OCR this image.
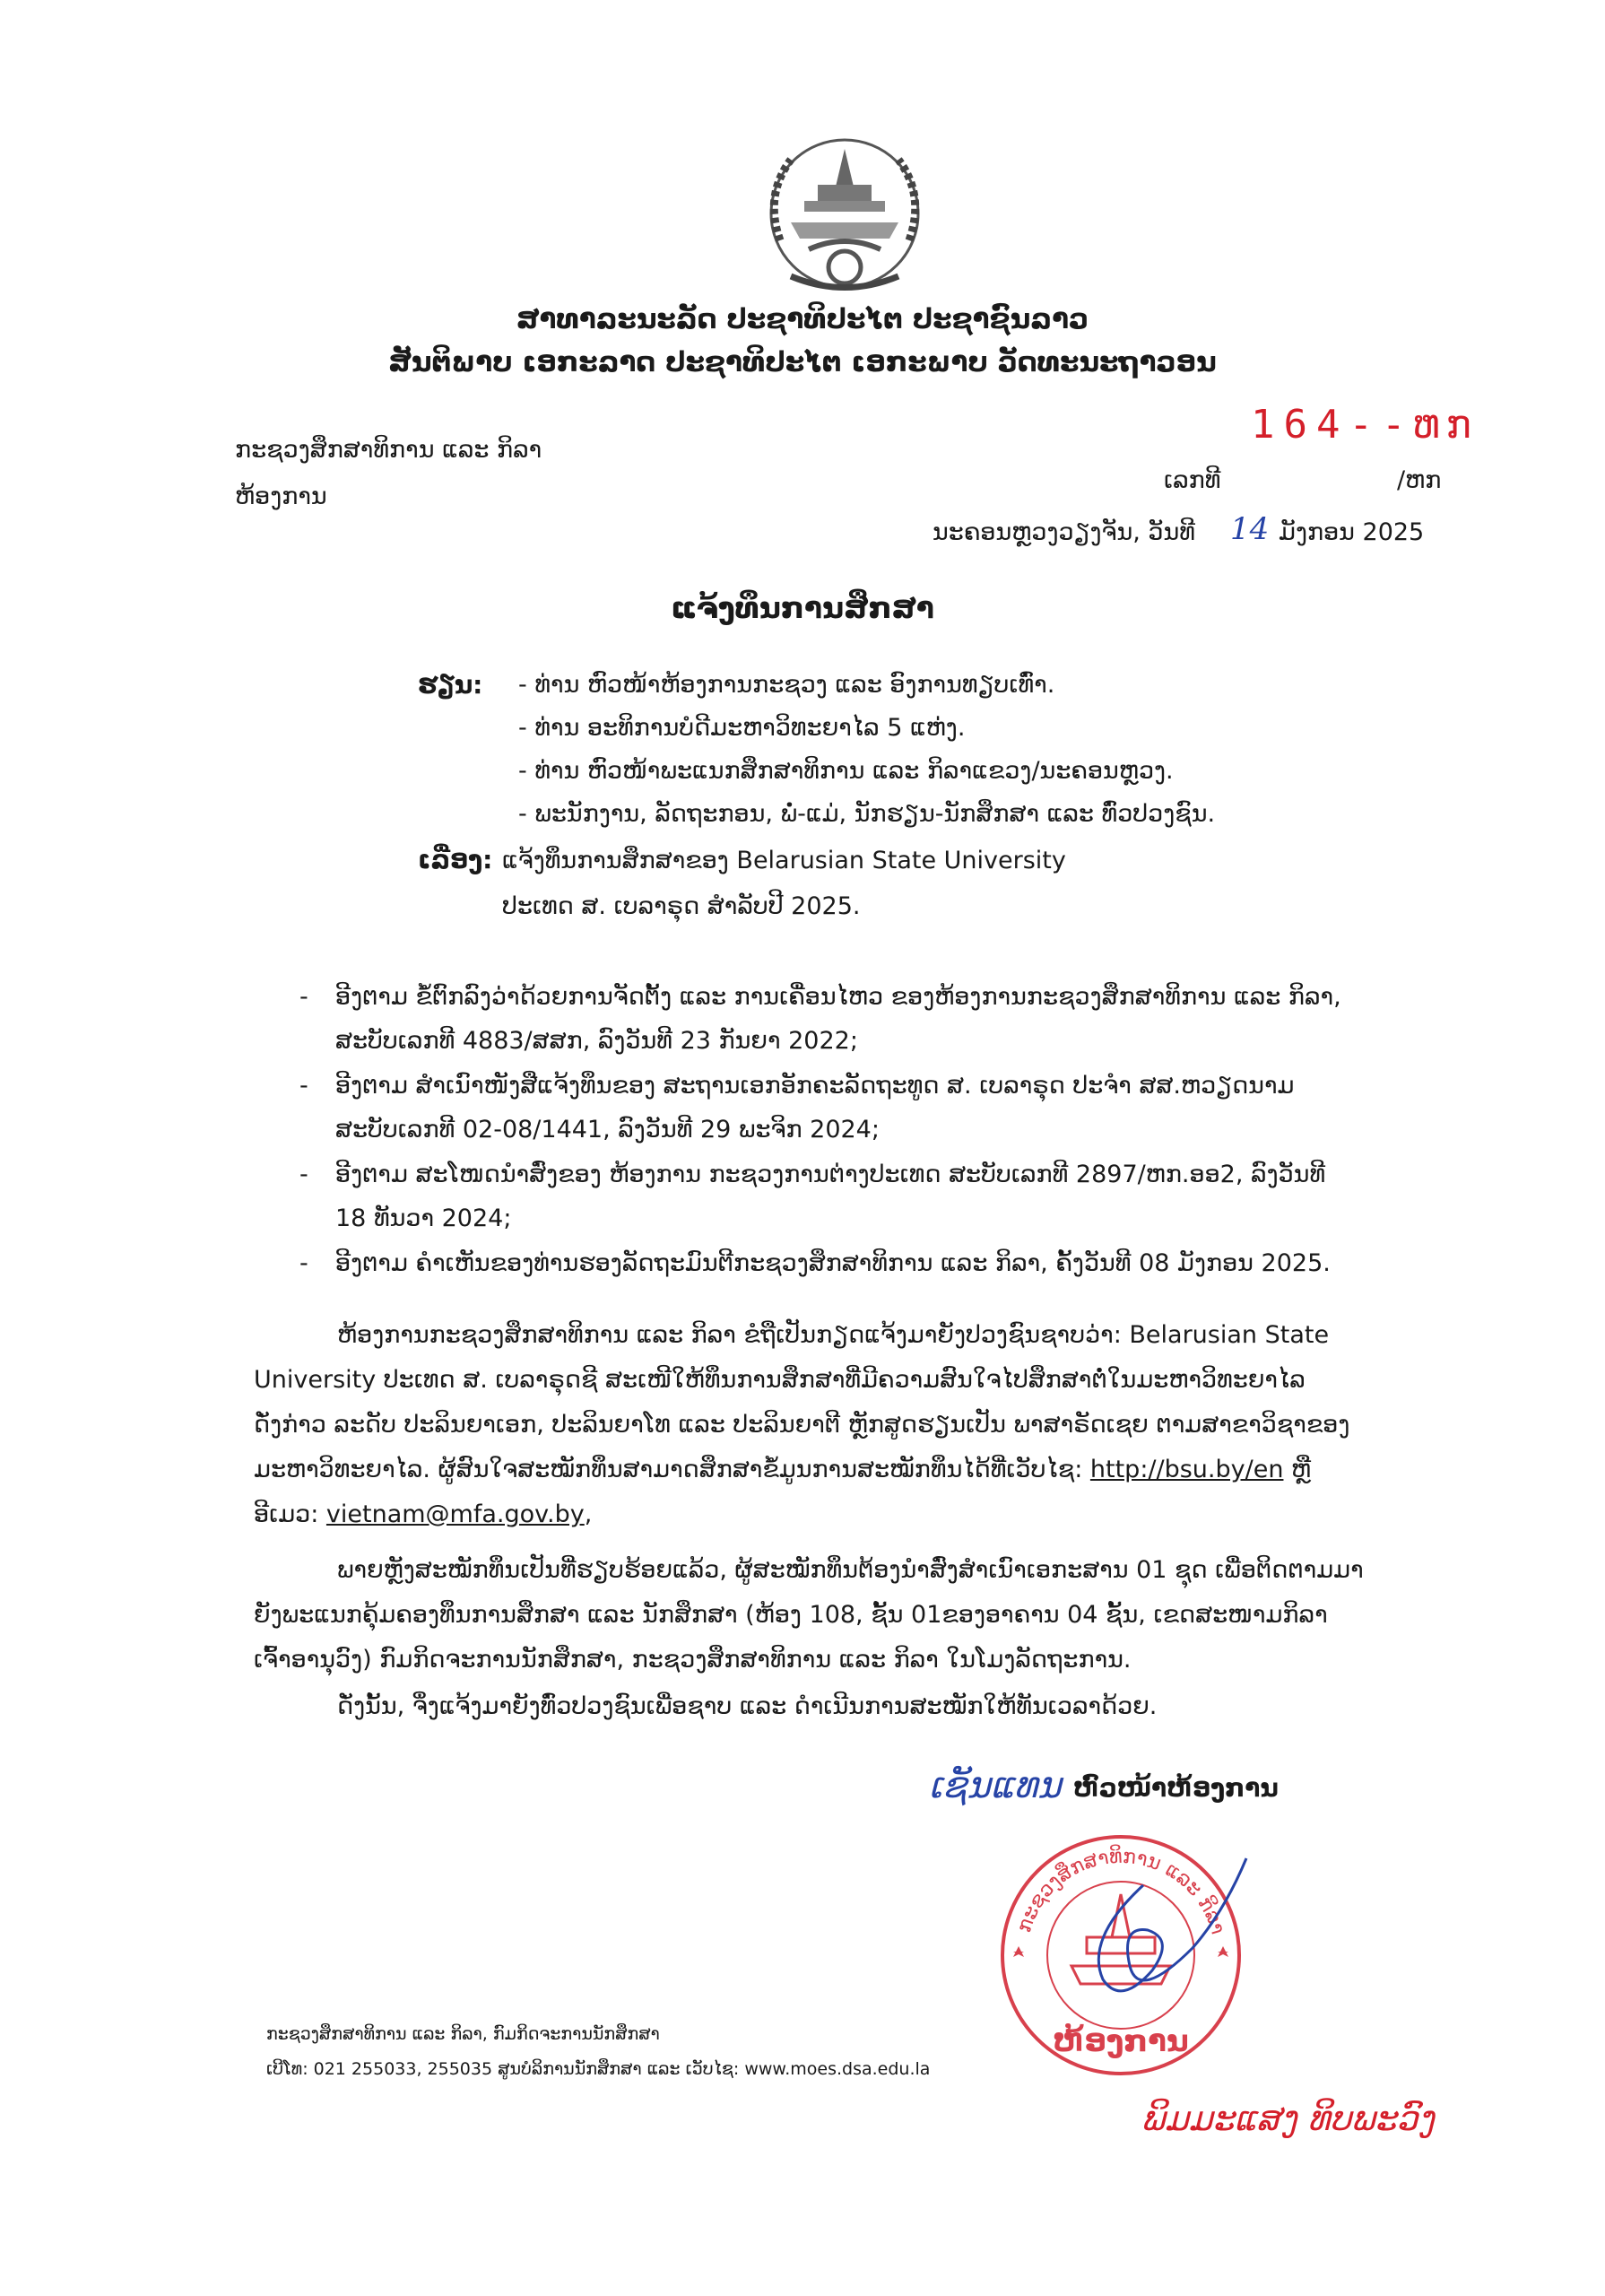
ສາທາລະນະລັດ ປະຊາທິປະໄຕ ປະຊາຊົນລາວ
ສັນຕິພາບ ເອກະລາດ ປະຊາທິປະໄຕ ເອກະພາບ ວັດທະນະຖາວອນ
ກະຊວງສຶກສາທິການ ແລະ ກິລາ
ຫ້ອງການ
164--ຫກ
ເລກທີ	/ຫກ
ນະຄອນຫຼວງວຽງຈັນ, ວັນທີ 14 ມັງກອນ 2025
ແຈ້ງທຶນການສຶກສາ
ຮຽນ: - ທ່ານ ຫົວໜ້າຫ້ອງການກະຊວງ ແລະ ອົງການທຽບເທົ່າ.
- ທ່ານ ອະທິການບໍດີມະຫາວິທະຍາໄລ 5 ແຫ່ງ.
- ທ່ານ ຫົວໜ້າພະແນກສຶກສາທິການ ແລະ ກິລາແຂວງ/ນະຄອນຫຼວງ.
- ພະນັກງານ, ລັດຖະກອນ, ພໍ່-ແມ່, ນັກຮຽນ-ນັກສຶກສາ ແລະ ທົ່ວປວງຊົນ.
ເລື່ອງ: ແຈ້ງທຶນການສຶກສາຂອງ Belarusian State University
ປະເທດ ສ. ເບລາຣຸດ ສຳລັບປີ 2025.
- ອີງຕາມ ຂໍ້ຕົກລົງວ່າດ້ວຍການຈັດຕັ້ງ ແລະ ການເຄື່ອນໄຫວ ຂອງຫ້ອງການກະຊວງສຶກສາທິການ ແລະ ກິລາ,
ສະບັບເລກທີ 4883/ສສກ, ລົງວັນທີ 23 ກັນຍາ 2022;
- ອີງຕາມ ສຳເນົາໜັງສືແຈ້ງທຶນຂອງ ສະຖານເອກອັກຄະລັດຖະທູດ ສ. ເບລາຣຸດ ປະຈຳ ສສ.ຫວຽດນາມ
ສະບັບເລກທີ 02-08/1441, ລົງວັນທີ 29 ພະຈິກ 2024;
- ອີງຕາມ ສະໂໜດນຳສົ່ງຂອງ ຫ້ອງການ ກະຊວງການຕ່າງປະເທດ ສະບັບເລກທີ 2897/ຫກ.ອອ2, ລົງວັນທີ
18 ທັນວາ 2024;
- ອີງຕາມ ຄຳເຫັນຂອງທ່ານຮອງລັດຖະມົນຕີກະຊວງສຶກສາທິການ ແລະ ກິລາ, ຄັ້ງວັນທີ 08 ມັງກອນ 2025.
ຫ້ອງການກະຊວງສຶກສາທິການ ແລະ ກິລາ ຂໍຖືເປັນກຽດແຈ້ງມາຍັງປວງຊົນຊາບວ່າ: Belarusian State
University ປະເທດ ສ. ເບລາຣຸດຊີ ສະເໜີໃຫ້ທຶນການສຶກສາທີ່ມີຄວາມສົນໃຈໄປສຶກສາຕໍ່ໃນມະຫາວິທະຍາໄລ
ດັ່ງກ່າວ ລະດັບ ປະລິນຍາເອກ, ປະລິນຍາໂທ ແລະ ປະລິນຍາຕີ ຫຼັກສູດຮຽນເປັນ ພາສາຣັດເຊຍ ຕາມສາຂາວິຊາຂອງ
ມະຫາວິທະຍາໄລ. ຜູ້ສົນໃຈສະໝັກທຶນສາມາດສຶກສາຂໍ້ມູນການສະໝັກທຶນໄດ້ທີ່ເວັບໄຊ: http://bsu.by/en ຫຼື
ອີເມວ: vietnam@mfa.gov.by,
ພາຍຫຼັງສະໝັກທຶນເປັນທີ່ຮຽບຮ້ອຍແລ້ວ, ຜູ້ສະໝັກທຶນຕ້ອງນຳສົ່ງສຳເນົາເອກະສານ 01 ຊຸດ ເພື່ອຕິດຕາມມາ
ຍັງພະແນກຄຸ້ມຄອງທຶນການສຶກສາ ແລະ ນັກສຶກສາ (ຫ້ອງ 108, ຊັ້ນ 01ຂອງອາຄານ 04 ຊັ້ນ, ເຂດສະໜາມກິລາ
ເຈົ້າອານຸວົງ) ກົມກິດຈະການນັກສຶກສາ, ກະຊວງສຶກສາທິການ ແລະ ກິລາ ໃນໂມງລັດຖະການ.
ດັ່ງນັ້ນ, ຈຶ່ງແຈ້ງມາຍັງທົ່ວປວງຊົນເພື່ອຊາບ ແລະ ດຳເນີນການສະໝັກໃຫ້ທັນເວລາດ້ວຍ.
ເຊັນແທນ ຫົວໜ້າຫ້ອງການ
ກະຊວງສຶກສາທິການ ແລະ ກິລາ
ຫ້ອງການ
ກະຊວງສຶກສາທິການ ແລະ ກິລາ, ກົມກິດຈະການນັກສຶກສາ
ເບີໂທ: 021 255033, 255035 ສູນບໍລິການນັກສຶກສາ ແລະ ເວັບໄຊ: www.moes.dsa.edu.la
ພິມມະແສງ ທິບພະວົງ
